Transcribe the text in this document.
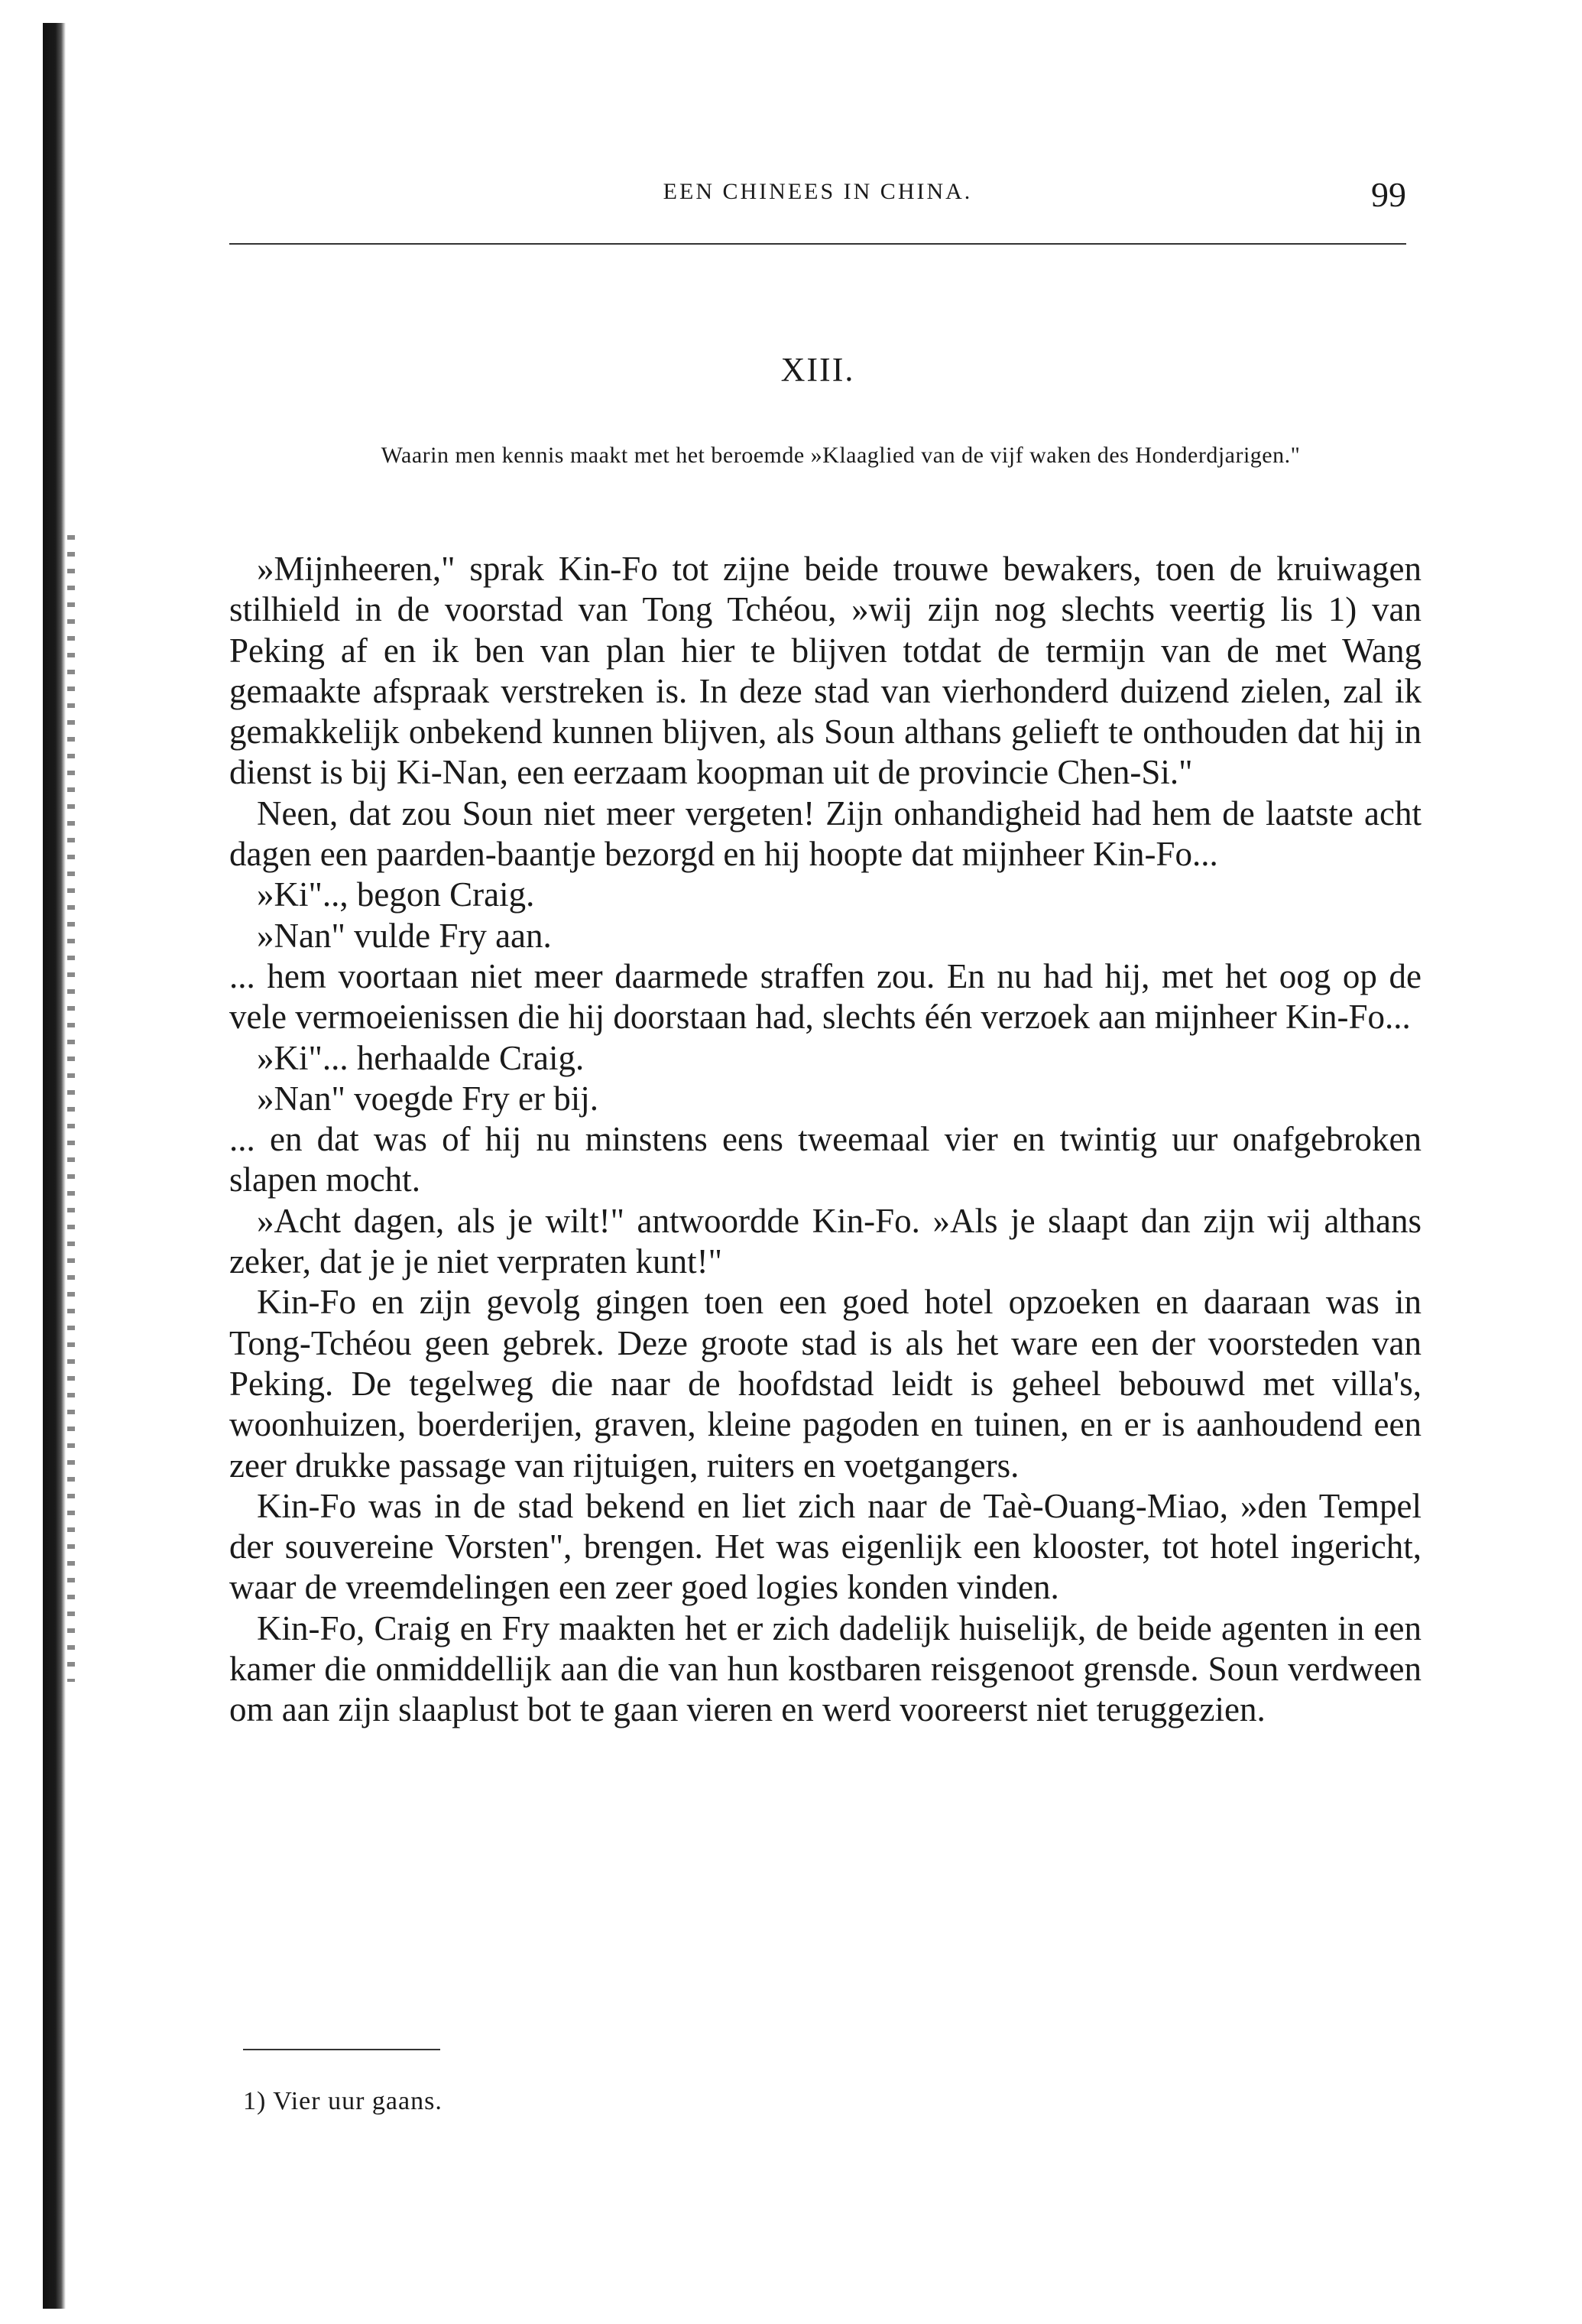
EEN CHINEES IN CHINA.	99
XIII.
Waarin men kennis maakt met het beroemde »Klaaglied van de vijf waken des Honderdjarigen."

»Mijnheeren," sprak Kin-Fo tot zijne beide trouwe bewakers, toen de kruiwagen stilhield in de voorstad van Tong Tchéou, »wij zijn nog slechts veertig lis 1) van Peking af en ik ben van plan hier te blijven totdat de termijn van de met Wang gemaakte afspraak verstreken is. In deze stad van vierhonderd duizend zielen, zal ik gemakkelijk onbekend kunnen blijven, als Soun althans gelieft te onthouden dat hij in dienst is bij Ki-Nan, een eerzaam koopman uit de provincie Chen-Si."

Neen, dat zou Soun niet meer vergeten! Zijn onhandigheid had hem de laatste acht dagen een paarden-baantje bezorgd en hij hoopte dat mijnheer Kin-Fo...

»Ki".., begon Craig.

»Nan" vulde Fry aan.

... hem voortaan niet meer daarmede straffen zou. En nu had hij, met het oog op de vele vermoeienissen die hij doorstaan had, slechts één verzoek aan mijnheer Kin-Fo...

»Ki"... herhaalde Craig.

»Nan" voegde Fry er bij.

... en dat was of hij nu minstens eens tweemaal vier en twintig uur onafgebroken slapen mocht.

»Acht dagen, als je wilt!" antwoordde Kin-Fo. »Als je slaapt dan zijn wij althans zeker, dat je je niet verpraten kunt!"

Kin-Fo en zijn gevolg gingen toen een goed hotel opzoeken en daaraan was in Tong-Tchéou geen gebrek. Deze groote stad is als het ware een der voorsteden van Peking. De tegelweg die naar de hoofdstad leidt is geheel bebouwd met villa's, woonhuizen, boerderijen, graven, kleine pagoden en tuinen, en er is aanhoudend een zeer drukke passage van rijtuigen, ruiters en voetgangers.

Kin-Fo was in de stad bekend en liet zich naar de Taè-Ouang-Miao, »den Tempel der souvereine Vorsten", brengen. Het was eigenlijk een klooster, tot hotel ingericht, waar de vreemdelingen een zeer goed logies konden vinden.

Kin-Fo, Craig en Fry maakten het er zich dadelijk huiselijk, de beide agenten in een kamer die onmiddellijk aan die van hun kostbaren reisgenoot grensde. Soun verdween om aan zijn slaaplust bot te gaan vieren en werd vooreerst niet teruggezien.

1) Vier uur gaans.
